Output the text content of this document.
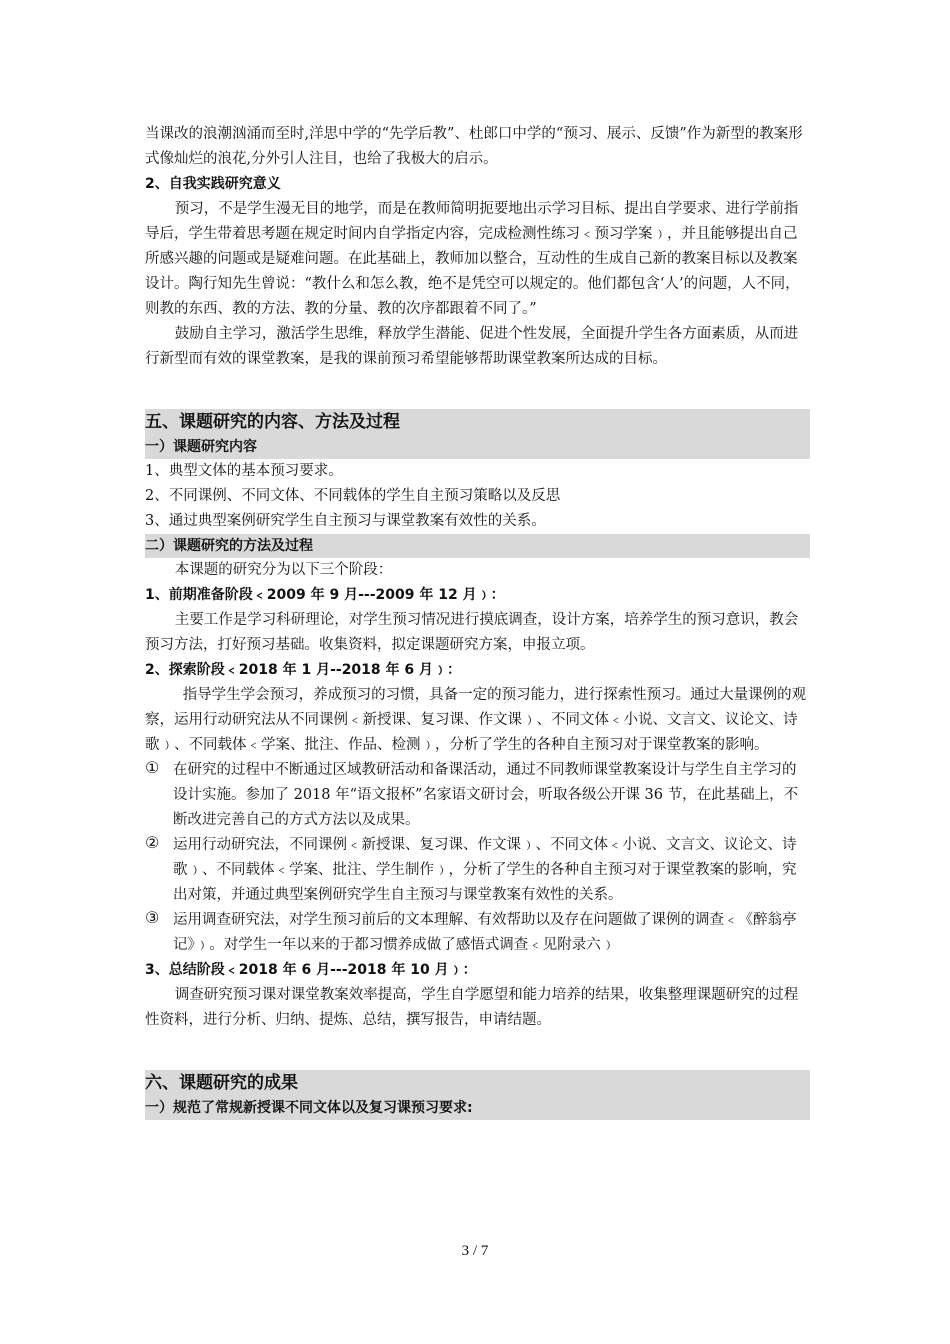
当课改的浪潮汹涌而至时,洋思中学的“先学后教”、杜郎口中学的“预习、展示、反馈”作为新型的教案形式像灿烂的浪花,分外引人注目，也给了我极大的启示。

2、自我实践研究意义

预习，不是学生漫无目的地学，而是在教师简明扼要地出示学习目标、提出自学要求、进行学前指导后，学生带着思考题在规定时间内自学指定内容，完成检测性练习﹤预习学案﹚，并且能够提出自己所感兴趣的问题或是疑难问题。在此基础上，教师加以整合，互动性的生成自己新的教案目标以及教案设计。陶行知先生曾说：“教什么和怎么教，绝不是凭空可以规定的。他们都包含‘人’的问题，人不同，则教的东西、教的方法、教的分量、教的次序都跟着不同了。”

鼓励自主学习，激活学生思维，释放学生潜能、促进个性发展，全面提升学生各方面素质，从而进行新型而有效的课堂教案，是我的课前预习希望能够帮助课堂教案所达成的目标。

五、课题研究的内容、方法及过程

一）课题研究内容

1、典型文体的基本预习要求。

2、不同课例、不同文体、不同载体的学生自主预习策略以及反思

3、通过典型案例研究学生自主预习与课堂教案有效性的关系。

二）课题研究的方法及过程

本课题的研究分为以下三个阶段：

1、前期准备阶段﹤2009 年 9 月---2009 年 12 月﹚：

主要工作是学习科研理论，对学生预习情况进行摸底调查，设计方案，培养学生的预习意识，教会预习方法，打好预习基础。收集资料，拟定课题研究方案，申报立项。

2、探索阶段﹤2018 年 1 月--2018 年 6 月﹚：

指导学生学会预习，养成预习的习惯，具备一定的预习能力，进行探索性预习。通过大量课例的观察，运用行动研究法从不同课例﹤新授课、复习课、作文课﹚、不同文体﹤小说、文言文、议论文、诗歌﹚、不同载体﹤学案、批注、作品、检测﹚，分析了学生的各种自主预习对于课堂教案的影响。

① 在研究的过程中不断通过区域教研活动和备课活动，通过不同教师课堂教案设计与学生自主学习的设计实施。参加了 2018 年“语文报杯”名家语文研讨会，听取各级公开课 36 节，在此基础上，不断改进完善自己的方式方法以及成果。

② 运用行动研究法，不同课例﹤新授课、复习课、作文课﹚、不同文体﹤小说、文言文、议论文、诗歌﹚、不同载体﹤学案、批注、学生制作﹚，分析了学生的各种自主预习对于课堂教案的影响，究出对策，并通过典型案例研究学生自主预习与课堂教案有效性的关系。

③ 运用调查研究法，对学生预习前后的文本理解、有效帮助以及存在问题做了课例的调查﹤《醉翁亭记》﹚。对学生一年以来的于都习惯养成做了感悟式调查﹤见附录六﹚

3、总结阶段﹤2018 年 6 月---2018 年 10 月﹚：

调查研究预习课对课堂教案效率提高，学生自学愿望和能力培养的结果，收集整理课题研究的过程性资料，进行分析、归纳、提炼、总结，撰写报告，申请结题。

六、课题研究的成果

一）规范了常规新授课不同文体以及复习课预习要求:

3 / 7
